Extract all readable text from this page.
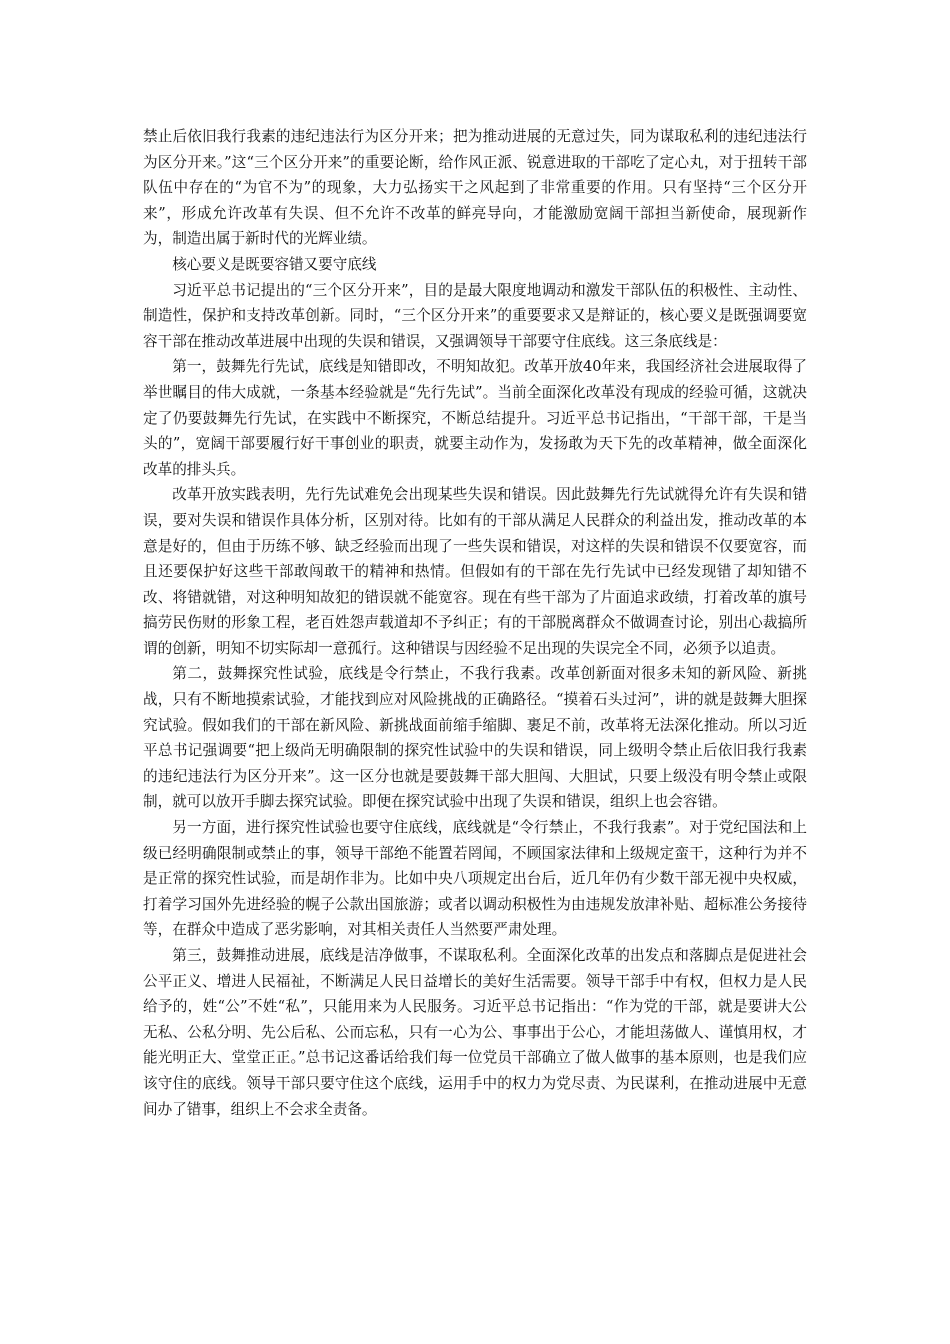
禁止后依旧我行我素的违纪违法行为区分开来；把为推动进展的无意过失，同为谋取私利的违纪违法行为区分开来。”这“三个区分开来”的重要论断，给作风正派、锐意进取的干部吃了定心丸，对于扭转干部队伍中存在的“为官不为”的现象，大力弘扬实干之风起到了非常重要的作用。只有坚持“三个区分开来”，形成允许改革有失误、但不允许不改革的鲜亮导向，才能激励宽阔干部担当新使命，展现新作为，制造出属于新时代的光辉业绩。

核心要义是既要容错又要守底线

习近平总书记提出的“三个区分开来”，目的是最大限度地调动和激发干部队伍的积极性、主动性、制造性，保护和支持改革创新。同时，“三个区分开来”的重要要求又是辩证的，核心要义是既强调要宽容干部在推动改革进展中出现的失误和错误，又强调领导干部要守住底线。这三条底线是：

第一，鼓舞先行先试，底线是知错即改，不明知故犯。改革开放40年来，我国经济社会进展取得了举世瞩目的伟大成就，一条基本经验就是“先行先试”。当前全面深化改革没有现成的经验可循，这就决定了仍要鼓舞先行先试，在实践中不断探究，不断总结提升。习近平总书记指出，“干部干部，干是当头的”，宽阔干部要履行好干事创业的职责，就要主动作为，发扬敢为天下先的改革精神，做全面深化改革的排头兵。

改革开放实践表明，先行先试难免会出现某些失误和错误。因此鼓舞先行先试就得允许有失误和错误，要对失误和错误作具体分析，区别对待。比如有的干部从满足人民群众的利益出发，推动改革的本意是好的，但由于历练不够、缺乏经验而出现了一些失误和错误，对这样的失误和错误不仅要宽容，而且还要保护好这些干部敢闯敢干的精神和热情。但假如有的干部在先行先试中已经发现错了却知错不改、将错就错，对这种明知故犯的错误就不能宽容。现在有些干部为了片面追求政绩，打着改革的旗号搞劳民伤财的形象工程，老百姓怨声载道却不予纠正；有的干部脱离群众不做调查讨论，别出心裁搞所谓的创新，明知不切实际却一意孤行。这种错误与因经验不足出现的失误完全不同，必须予以追责。

第二，鼓舞探究性试验，底线是令行禁止，不我行我素。改革创新面对很多未知的新风险、新挑战，只有不断地摸索试验，才能找到应对风险挑战的正确路径。“摸着石头过河”，讲的就是鼓舞大胆探究试验。假如我们的干部在新风险、新挑战面前缩手缩脚、裹足不前，改革将无法深化推动。所以习近平总书记强调要“把上级尚无明确限制的探究性试验中的失误和错误，同上级明令禁止后依旧我行我素的违纪违法行为区分开来”。这一区分也就是要鼓舞干部大胆闯、大胆试，只要上级没有明令禁止或限制，就可以放开手脚去探究试验。即便在探究试验中出现了失误和错误，组织上也会容错。

另一方面，进行探究性试验也要守住底线，底线就是“令行禁止，不我行我素”。对于党纪国法和上级已经明确限制或禁止的事，领导干部绝不能置若罔闻，不顾国家法律和上级规定蛮干，这种行为并不是正常的探究性试验，而是胡作非为。比如中央八项规定出台后，近几年仍有少数干部无视中央权威，打着学习国外先进经验的幌子公款出国旅游；或者以调动积极性为由违规发放津补贴、超标准公务接待等，在群众中造成了恶劣影响，对其相关责任人当然要严肃处理。

第三，鼓舞推动进展，底线是洁净做事，不谋取私利。全面深化改革的出发点和落脚点是促进社会公平正义、增进人民福祉，不断满足人民日益增长的美好生活需要。领导干部手中有权，但权力是人民给予的，姓“公”不姓“私”，只能用来为人民服务。习近平总书记指出：“作为党的干部，就是要讲大公无私、公私分明、先公后私、公而忘私，只有一心为公、事事出于公心，才能坦荡做人、谨慎用权，才能光明正大、堂堂正正。”总书记这番话给我们每一位党员干部确立了做人做事的基本原则，也是我们应该守住的底线。领导干部只要守住这个底线，运用手中的权力为党尽责、为民谋利，在推动进展中无意间办了错事，组织上不会求全责备。
